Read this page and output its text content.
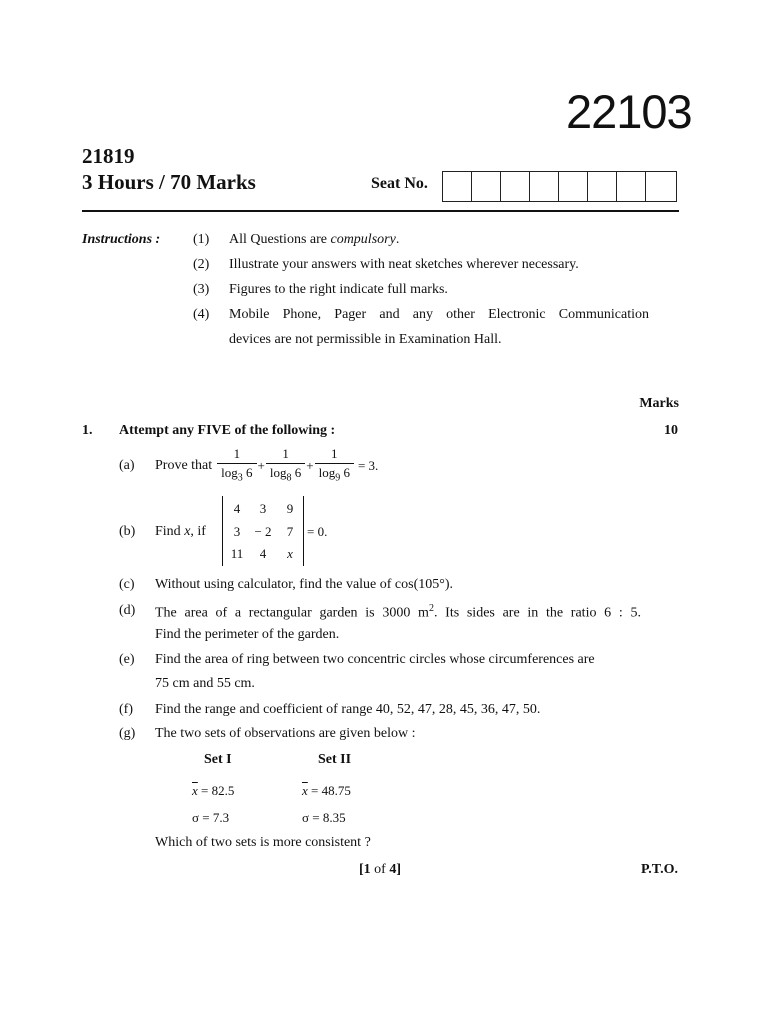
22103
21819
3 Hours / 70 Marks	Seat No.
Instructions : (1) All Questions are compulsory.
(2) Illustrate your answers with neat sketches wherever necessary.
(3) Figures to the right indicate full marks.
(4) Mobile Phone, Pager and any other Electronic Communication
devices are not permissible in Examination Hall.
Marks
1. Attempt any FIVE of the following :	10
(a) Prove that $\frac{1}{\log_3 6} + \frac{1}{\log_8 6} + \frac{1}{\log_9 6} = 3$.
(b) Find x, if
4	3	9
3	− 2	7
11	4	x
= 0.
(c) Without using calculator, find the value of cos(105°).
(d) The area of a rectangular garden is 3000 $m^2$. Its sides are in the ratio 6 : 5.
Find the perimeter of the garden.
(e) Find the area of ring between two concentric circles whose circumferences are
75 cm and 55 cm.
(f) Find the range and coefficient of range 40, 52, 47, 28, 45, 36, 47, 50.
(g) The two sets of observations are given below :
Set I	Set II
$\overline{x} = 82.5$	$\overline{x} = 48.75$
σ = 7.3	σ = 8.35
Which of two sets is more consistent ?
[1 of 4]	P.T.O.
